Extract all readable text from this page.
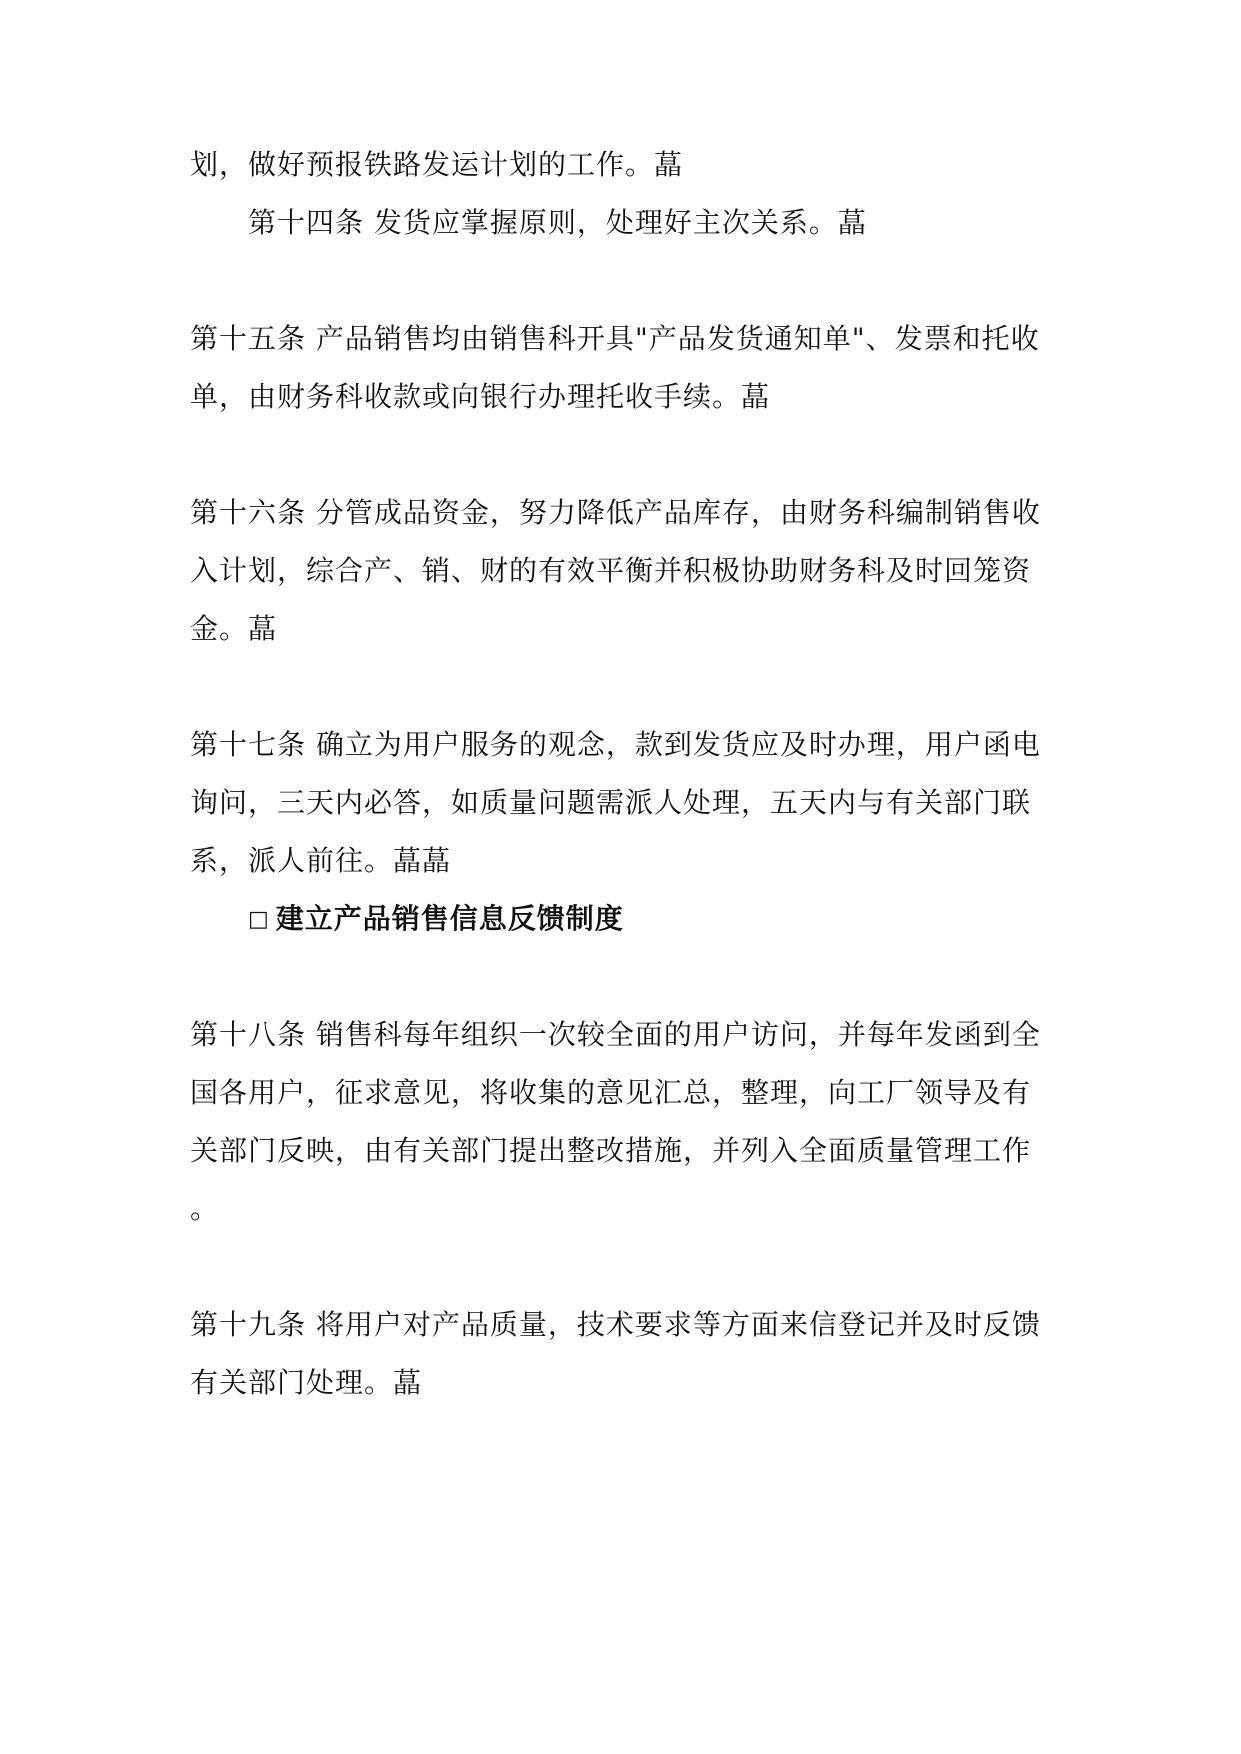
划，做好预报铁路发运计划的工作。蕌
第十四条 发货应掌握原则，处理好主次关系。蕌
第十五条 产品销售均由销售科开具"产品发货通知单"、发票和托收
单，由财务科收款或向银行办理托收手续。蕌
第十六条 分管成品资金，努力降低产品库存，由财务科编制销售收
入计划，综合产、销、财的有效平衡并积极协助财务科及时回笼资
金。蕌
第十七条 确立为用户服务的观念，款到发货应及时办理，用户函电
询问，三天内必答，如质量问题需派人处理，五天内与有关部门联
系，派人前往。蕌蕌
□ 建立产品销售信息反馈制度
第十八条 销售科每年组织一次较全面的用户访问，并每年发函到全
国各用户，征求意见，将收集的意见汇总，整理，向工厂领导及有
关部门反映，由有关部门提出整改措施，并列入全面质量管理工作
。
第十九条 将用户对产品质量，技术要求等方面来信登记并及时反馈
有关部门处理。蕌
